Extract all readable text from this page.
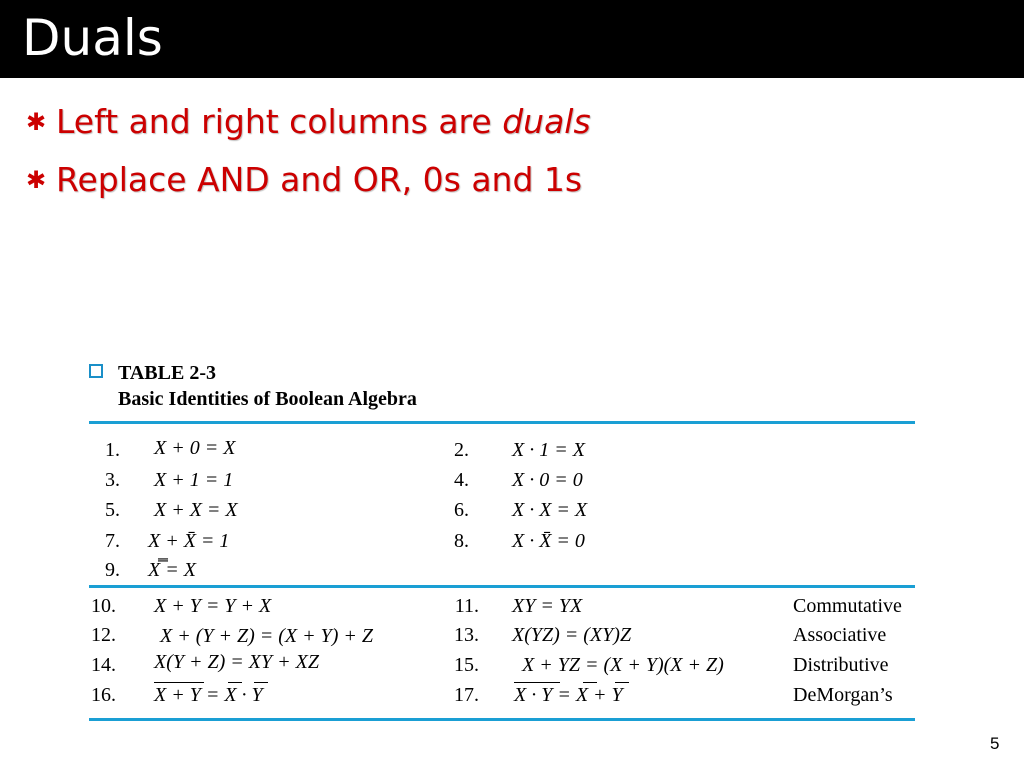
Duals
✱ Left and right columns are duals
✱ Replace AND and OR, 0s and 1s
TABLE 2-3
Basic Identities of Boolean Algebra
1. X + 0 = X	2. X · 1 = X
3. X + 1 = 1	4. X · 0 = 0
5. X + X = X	6. X · X = X
7. X + X̄ = 1	8. X · X̄ = 0
9. X̿ = X
10. X + Y = Y + X	11. XY = YX	Commutative
12. X + (Y + Z) = (X + Y) + Z	13. X(YZ) = (XY)Z	Associative
14. X(Y + Z) = XY + XZ	15. X + YZ = (X + Y)(X + Z)	Distributive
16. X + Y = X · Y	17. X · Y = X + Y	DeMorgan’s
5
